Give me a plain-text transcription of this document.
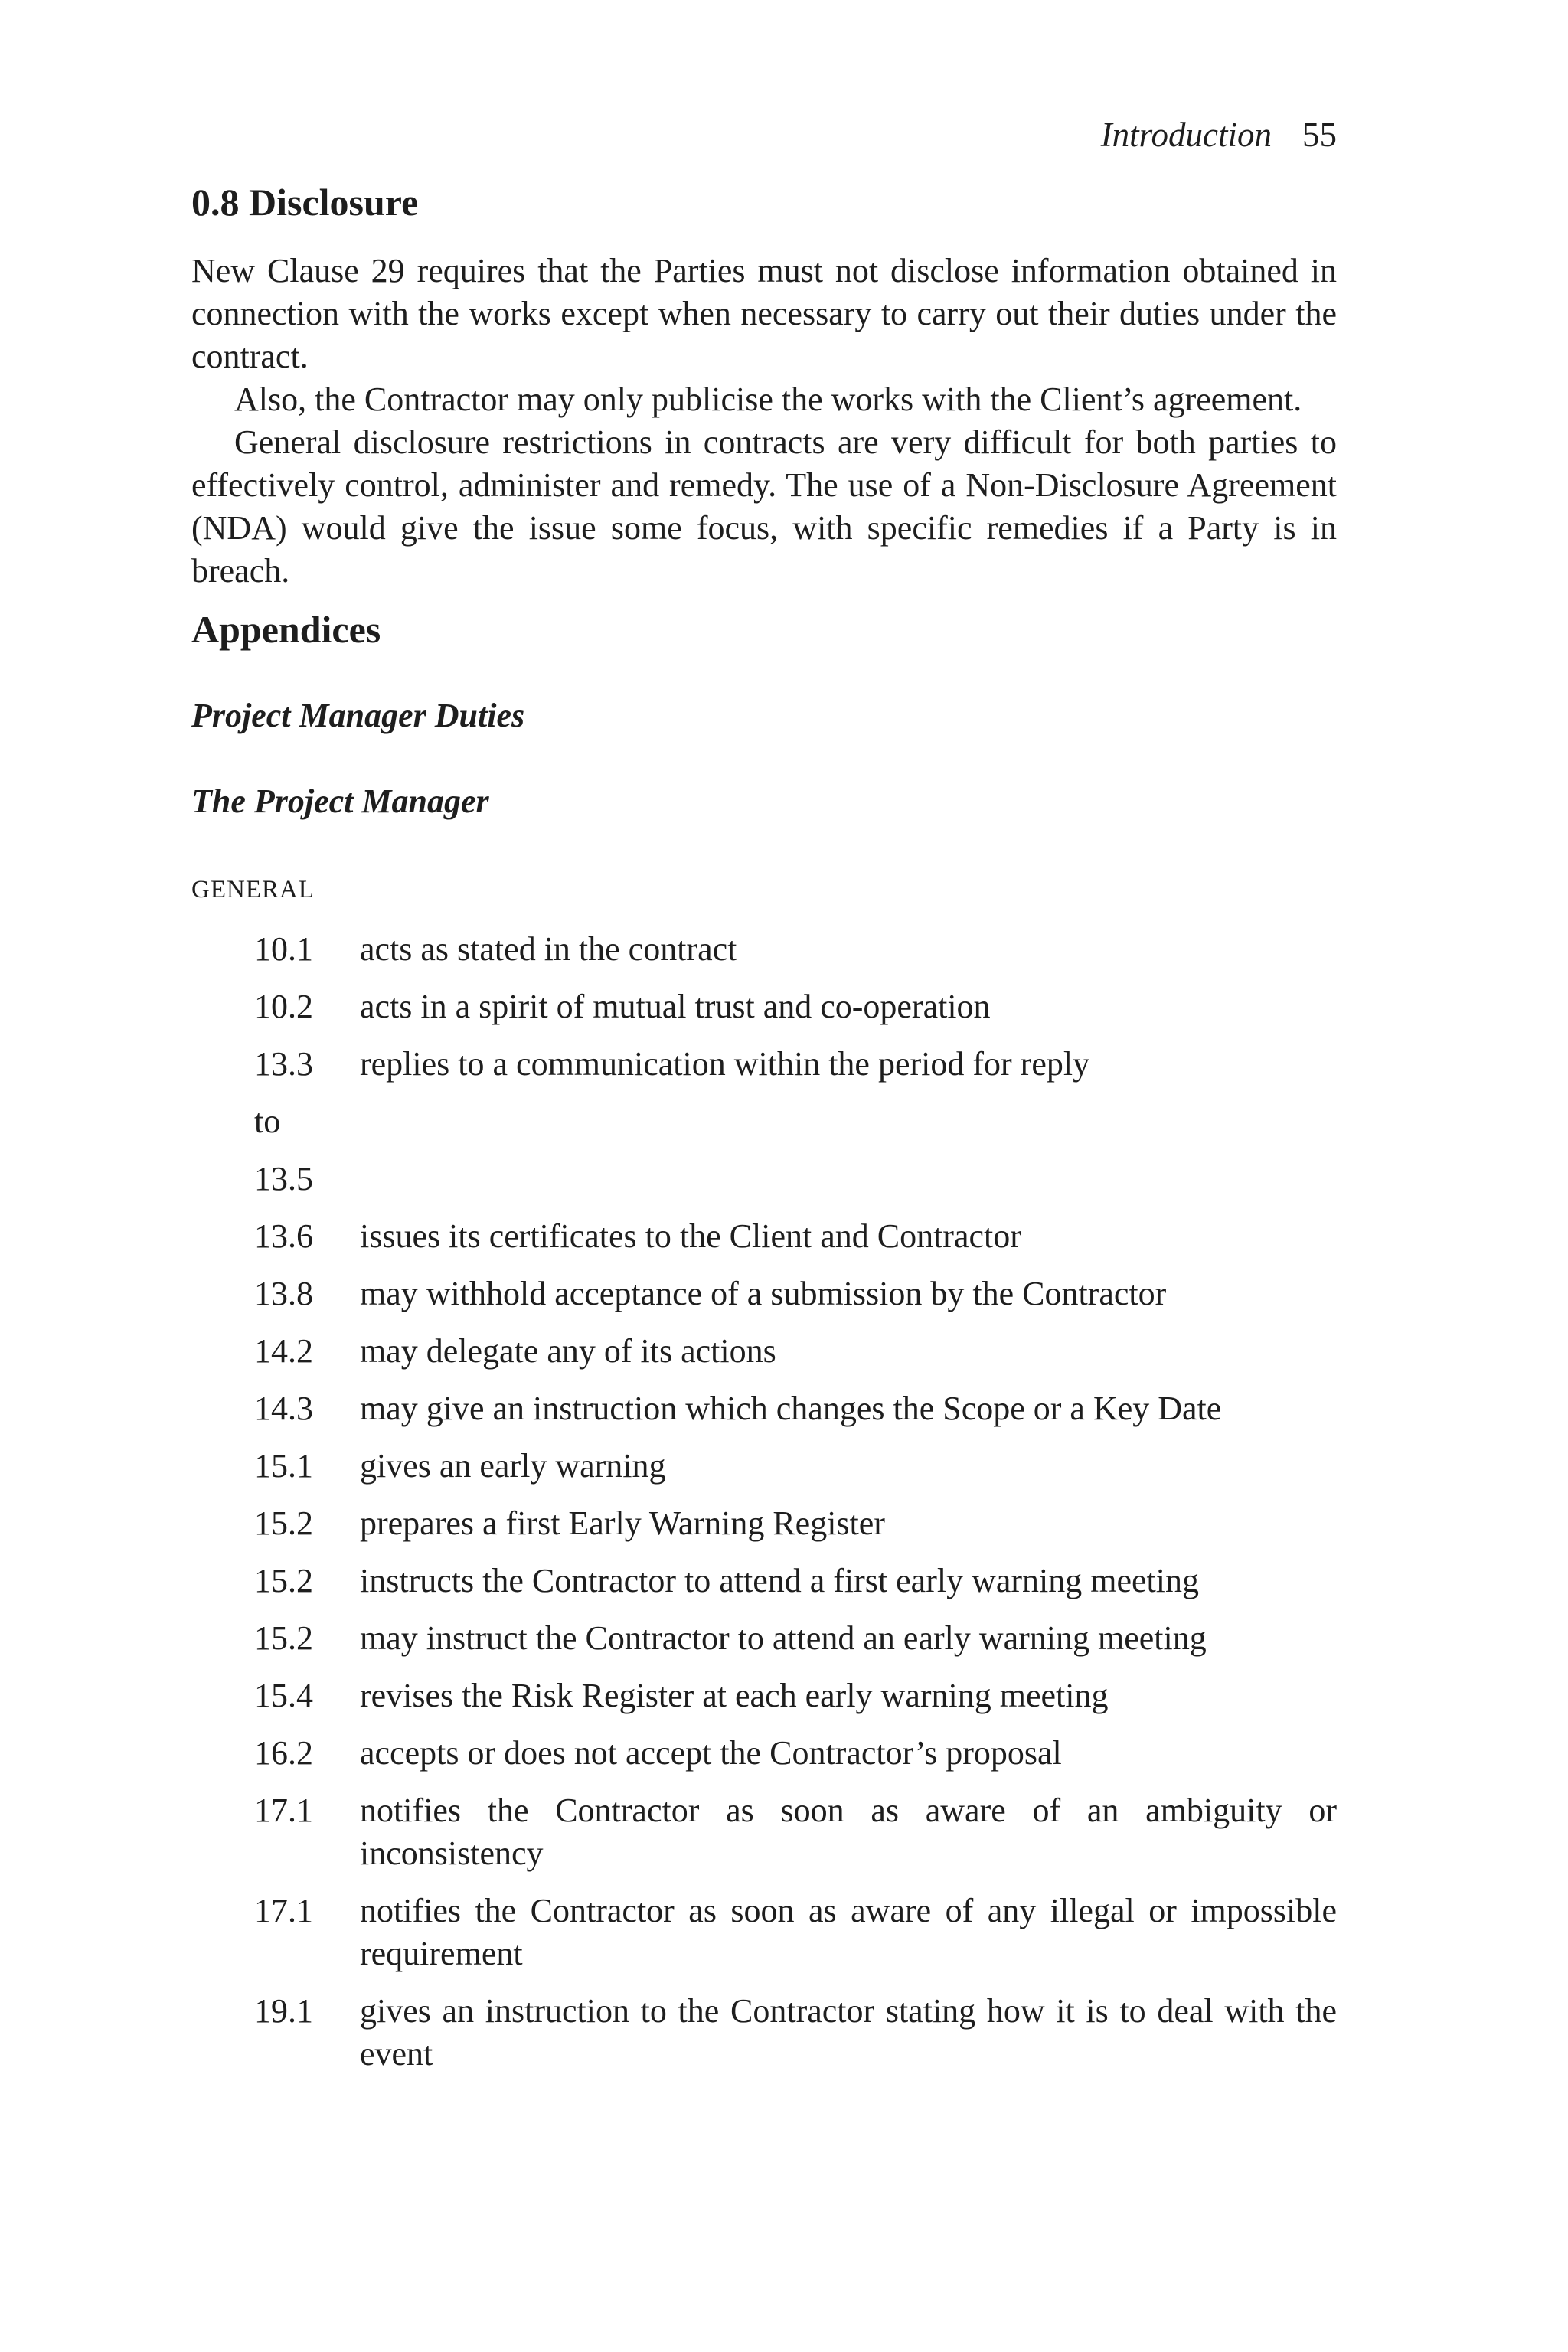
Introduction 55
0.8 Disclosure

New Clause 29 requires that the Parties must not disclose information obtained in connection with the works except when necessary to carry out their duties under the contract.

Also, the Contractor may only publicise the works with the Client’s agreement.

General disclosure restrictions in contracts are very difficult for both parties to effectively control, administer and remedy. The use of a Non-Disclosure Agreement (NDA) would give the issue some focus, with specific remedies if a Party is in breach.

Appendices
Project Manager Duties
The Project Manager
GENERAL
10.1	acts as stated in the contract
10.2	acts in a spirit of mutual trust and co-operation
13.3	replies to a communication within the period for reply
to
13.5
13.6	issues its certificates to the Client and Contractor
13.8	may withhold acceptance of a submission by the Contractor
14.2	may delegate any of its actions
14.3	may give an instruction which changes the Scope or a Key Date
15.1	gives an early warning
15.2	prepares a first Early Warning Register
15.2	instructs the Contractor to attend a first early warning meeting
15.2	may instruct the Contractor to attend an early warning meeting
15.4	revises the Risk Register at each early warning meeting
16.2	accepts or does not accept the Contractor’s proposal
17.1	notifies the Contractor as soon as aware of an ambiguity or inconsistency
17.1	notifies the Contractor as soon as aware of any illegal or impossible requirement
19.1	gives an instruction to the Contractor stating how it is to deal with the event
